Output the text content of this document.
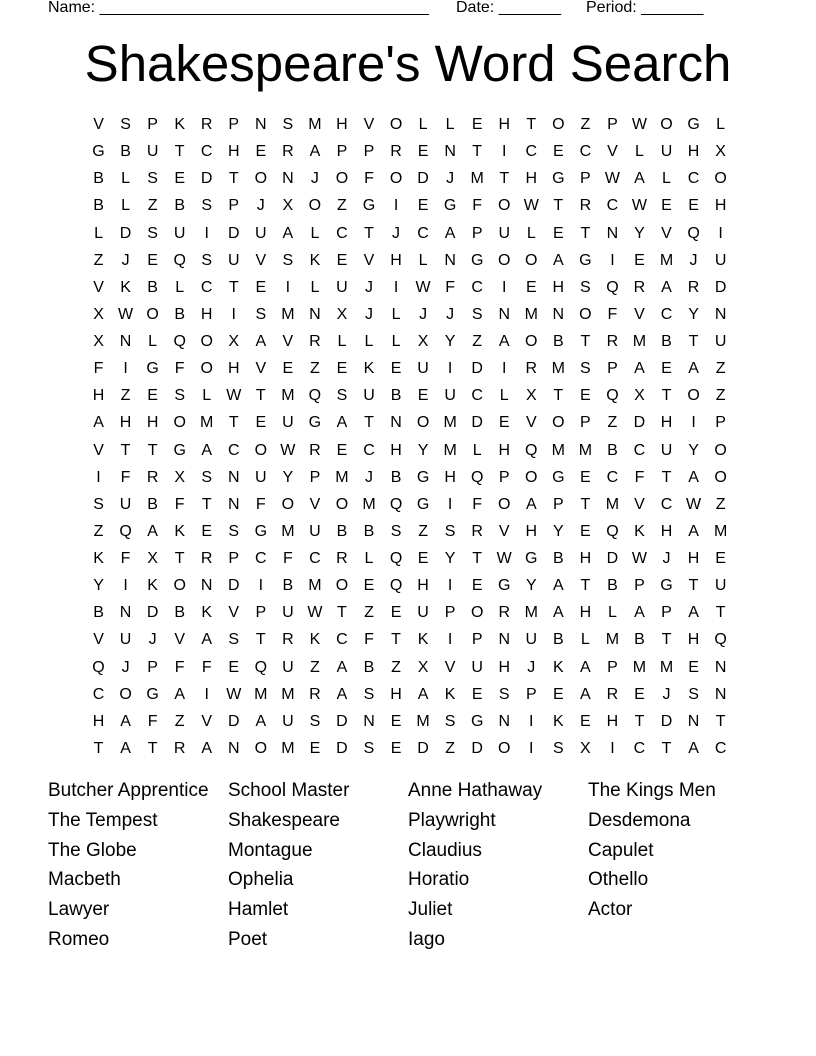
Name: _____________________________________	Date: _______	Period: _______
Shakespeare's Word Search
V	S	P	K R P N S M H V O	L	L	E H	T O Z	P W O G	L
G B U	T	C H E R A	P	P R E N	T	I	C E C V	L	U H X
B	L	S	E D	T O N	J	O F O D	J	M T	H G P W A	L	C O
B	L	Z	B	S	P	J	X O Z G	I	E G F O W T	R C W E	E H
L	D S U	I	D U A	L	C	T	J	C A	P U	L	E	T	N Y	V Q	I
Z	J	E Q S U V	S	K	E	V H	L	N G O O A G	I	E M	J	U
V	K	B	L	C	T	E	I	L	U	J	I	W F	C	I	E H S Q R A R D
X W O B H	I	S M N X	J	L	J	J	S N M N O F	V C Y N
X N	L	Q O X	A	V R	L	L	L	X	Y	Z	A O B	T	R M B	T	U
F	I	G F O H V	E	Z	E	K	E U	I	D	I	R M S	P	A	E	A	Z
H	Z	E	S	L W T M Q S U B	E U C	L	X	T	E Q X	T O Z
A H H O M T	E U G A	T	N O M D E	V O P	Z	D H	I	P
V	T	T G A C O W R E C H Y M L	H Q M M B C U Y O
I	F	R X	S N U Y	P M	J	B G H Q P O G E C	F	T	A O
S U B	F	T	N	F O V O M Q G	I	F O A	P	T M V C W Z
Z Q A	K	E	S G M U B	B	S	Z	S R V H Y	E Q K H A M
K	F	X	T	R P C	F	C R	L	Q E	Y	T W G B H D W J	H E
Y	I	K O N D	I	B M O E Q H	I	E G Y	A	T	B	P G T	U
B N D B	K	V	P U W T	Z	E U P O R M A H	L	A	P	A	T
V U	J	V	A	S	T	R K C	F	T	K	I	P N U B	L M B	T	H Q
Q	J	P	F	F	E Q U	Z	A	B	Z	X	V U H	J	K	A	P M M E N
C O G A	I	W M M R A	S H A	K	E	S	P	E	A R E	J	S N
H A	F	Z	V D A U S D N E M S G N	I	K	E H	T	D N	T
T	A	T	R A N O M E D S	E D	Z	D O	I	S	X	I	C	T	A C
Butcher Apprentice	School Master	Anne Hathaway	The Kings Men
The Tempest	Shakespeare	Playwright	Desdemona
The Globe	Montague	Claudius	Capulet
Macbeth	Ophelia	Horatio	Othello
Lawyer	Hamlet	Juliet	Actor
Romeo	Poet	Iago
